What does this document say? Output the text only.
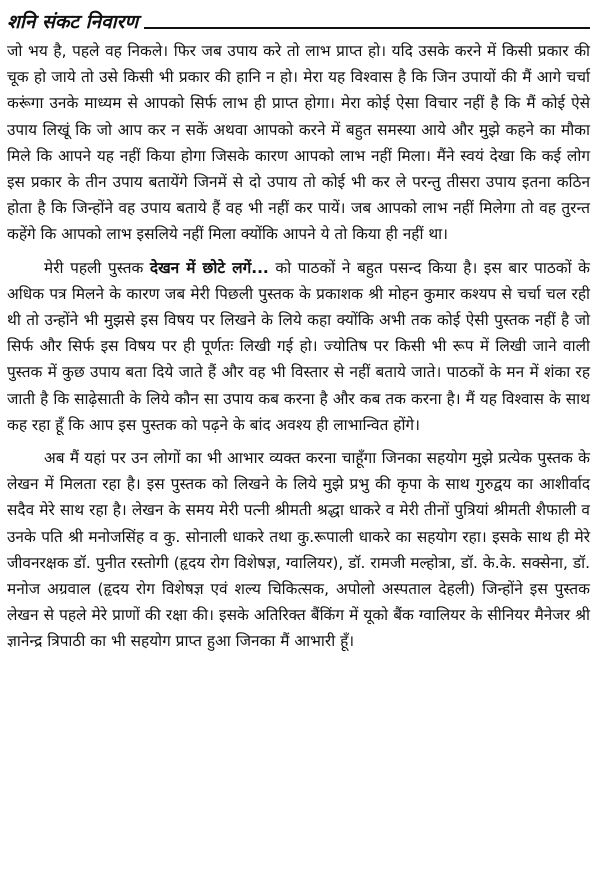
शनि संकट निवारण

जो भय है, पहले वह निकले। फिर जब उपाय करे तो लाभ प्राप्त हो। यदि उसके करने में किसी प्रकार की चूक हो जाये तो उसे किसी भी प्रकार की हानि न हो। मेरा यह विश्वास है कि जिन उपायों की मैं आगे चर्चा करूंगा उनके माध्यम से आपको सिर्फ लाभ ही प्राप्त होगा। मेरा कोई ऐसा विचार नहीं है कि मैं कोई ऐसे उपाय लिखूं कि जो आप कर न सकें अथवा आपको करने में बहुत समस्या आये और मुझे कहने का मौका मिले कि आपने यह नहीं किया होगा जिसके कारण आपको लाभ नहीं मिला। मैंने स्वयं देखा कि कई लोग इस प्रकार के तीन उपाय बतायेंगे जिनमें से दो उपाय तो कोई भी कर ले परन्तु तीसरा उपाय इतना कठिन होता है कि जिन्होंने वह उपाय बताये हैं वह भी नहीं कर पायें। जब आपको लाभ नहीं मिलेगा तो वह तुरन्त कहेंगे कि आपको लाभ इसलिये नहीं मिला क्योंकि आपने ये तो किया ही नहीं था।

मेरी पहली पुस्तक देखन में छोटे लगें... को पाठकों ने बहुत पसन्द किया है। इस बार पाठकों के अधिक पत्र मिलने के कारण जब मेरी पिछली पुस्तक के प्रकाशक श्री मोहन कुमार कश्यप से चर्चा चल रही थी तो उन्होंने भी मुझसे इस विषय पर लिखने के लिये कहा क्योंकि अभी तक कोई ऐसी पुस्तक नहीं है जो सिर्फ और सिर्फ इस विषय पर ही पूर्णतः लिखी गई हो। ज्योतिष पर किसी भी रूप में लिखी जाने वाली पुस्तक में कुछ उपाय बता दिये जाते हैं और वह भी विस्तार से नहीं बताये जाते। पाठकों के मन में शंका रह जाती है कि साढ़ेसाती के लिये कौन सा उपाय कब करना है और कब तक करना है। मैं यह विश्वास के साथ कह रहा हूँ कि आप इस पुस्तक को पढ़ने के बांद अवश्य ही लाभान्वित होंगे।

अब मैं यहां पर उन लोगों का भी आभार व्यक्त करना चाहूँगा जिनका सहयोग मुझे प्रत्येक पुस्तक के लेखन में मिलता रहा है। इस पुस्तक को लिखने के लिये मुझे प्रभु की कृपा के साथ गुरुद्वय का आशीर्वाद सदैव मेरे साथ रहा है। लेखन के समय मेरी पत्नी श्रीमती श्रद्धा धाकरे व मेरी तीनों पुत्रियां श्रीमती शैफाली व उनके पति श्री मनोजसिंह व कु. सोनाली धाकरे तथा कु.रूपाली धाकरे का सहयोग रहा। इसके साथ ही मेरे जीवनरक्षक डॉ. पुनीत रस्तोगी (हृदय रोग विशेषज्ञ, ग्वालियर), डॉ. रामजी मल्होत्रा, डॉ. के.के. सक्सेना, डॉ. मनोज अग्रवाल (हृदय रोग विशेषज्ञ एवं शल्य चिकित्सक, अपोलो अस्पताल देहली) जिन्होंने इस पुस्तक लेखन से पहले मेरे प्राणों की रक्षा की। इसके अतिरिक्त बैंकिंग में यूको बैंक ग्वालियर के सीनियर मैनेजर श्री ज्ञानेन्द्र त्रिपाठी का भी सहयोग प्राप्त हुआ जिनका मैं आभारी हूँ।
